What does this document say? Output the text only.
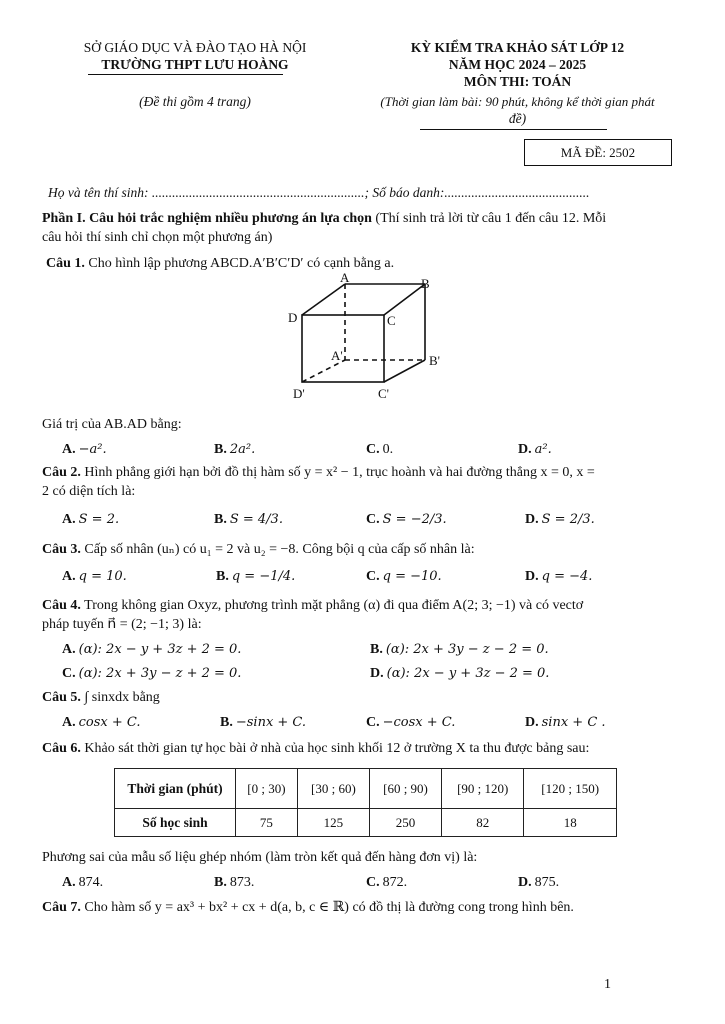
SỞ GIÁO DỤC VÀ ĐÀO TẠO HÀ NỘI
TRƯỜNG THPT LƯU HOÀNG
(Đề thi gồm 4 trang)
KỲ KIỂM TRA KHẢO SÁT LỚP 12
NĂM HỌC 2024 – 2025
MÔN THI: TOÁN
(Thời gian làm bài: 90 phút, không kể thời gian phát
đề)
MÃ ĐỀ: 2502
Họ và tên thí sinh: ...............................................................; Số báo danh:...........................................
Phần I. Câu hỏi trắc nghiệm nhiều phương án lựa chọn (Thí sinh trả lời từ câu 1 đến câu 12. Mỗi
câu hỏi thí sinh chỉ chọn một phương án)
Câu 1. Cho hình lập phương ABCD.A′B′C′D′ có cạnh bằng a.
A	B
D	C
A'	B'
D'	C'
Giá trị của AB.AD bằng:
A. −a².	B. 2a².	C. 0.	D. a².
Câu 2. Hình phẳng giới hạn bởi đồ thị hàm số y = x² − 1, trục hoành và hai đường thẳng x = 0, x =
2 có diện tích là:
A. S = 2.	B. S = 4/3.	C. S = −2/3.	D. S = 2/3.
Câu 3. Cấp số nhân (uₙ) có u₁ = 2 và u₂ = −8. Công bội q của cấp số nhân là:
A. q = 10.	B. q = −1/4.	C. q = −10.	D. q = −4.
Câu 4. Trong không gian Oxyz, phương trình mặt phẳng (α) đi qua điểm A(2; 3; −1) và có vectơ
pháp tuyến n⃗ = (2; −1; 3) là:
A. (α): 2x − y + 3z + 2 = 0.	B. (α): 2x + 3y − z − 2 = 0.
C. (α): 2x + 3y − z + 2 = 0.	D. (α): 2x − y + 3z − 2 = 0.
Câu 5. ∫ sinxdx bằng
A. cosx + C.	B. −sinx + C.	C. −cosx + C.	D. sinx + C .
Câu 6. Khảo sát thời gian tự học bài ở nhà của học sinh khối 12 ở trường X ta thu được bảng sau:
Thời gian (phút)	[0 ; 30)	[30 ; 60)	[60 ; 90)	[90 ; 120)	[120 ; 150)
Số học sinh	75	125	250	82	18
Phương sai của mẫu số liệu ghép nhóm (làm tròn kết quả đến hàng đơn vị) là:
A. 874.	B. 873.	C. 872.	D. 875.
Câu 7. Cho hàm số y = ax³ + bx² + cx + d(a, b, c ∈ ℝ) có đồ thị là đường cong trong hình bên.
1
